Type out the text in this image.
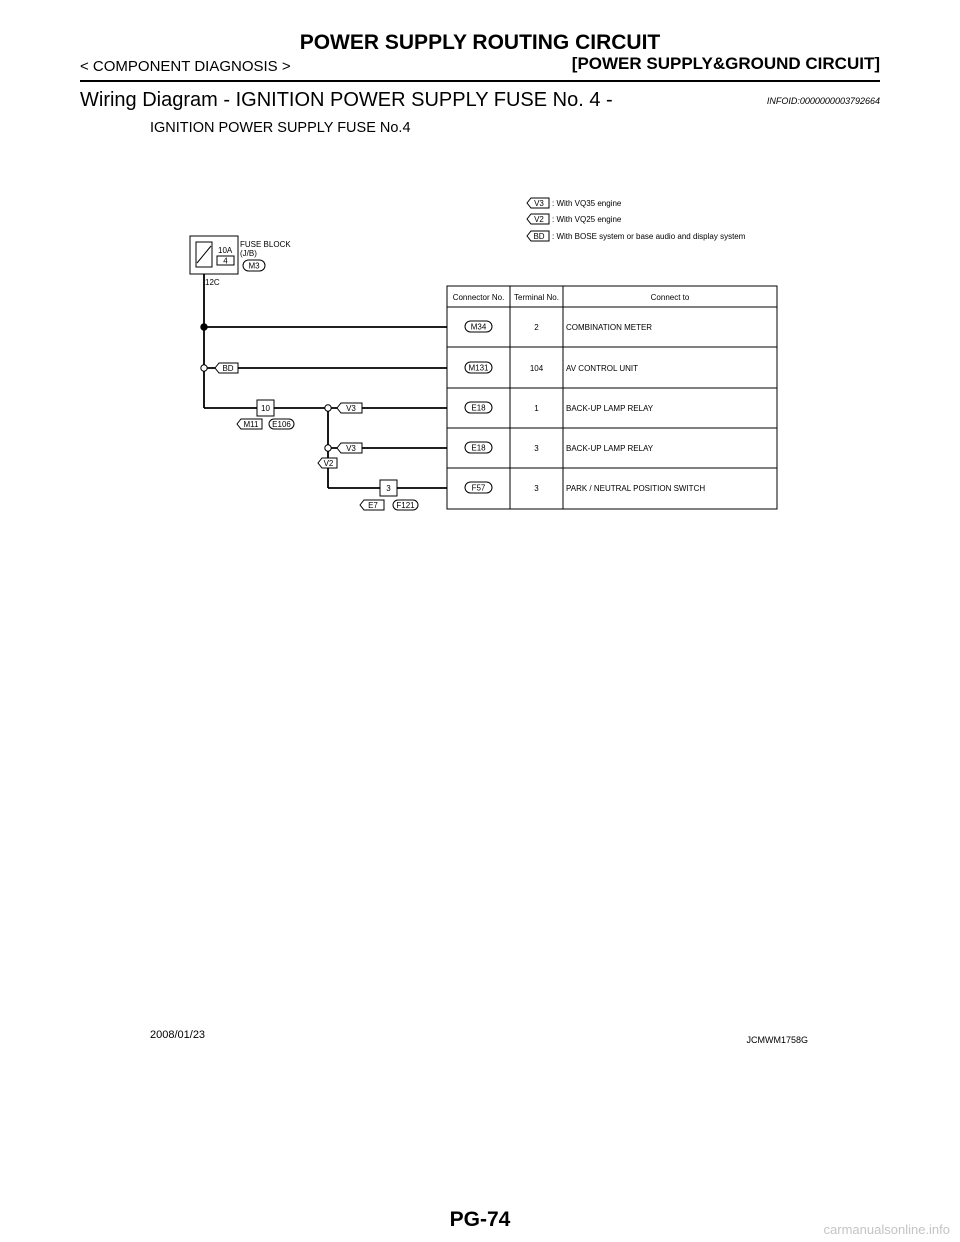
POWER SUPPLY ROUTING CIRCUIT
< COMPONENT DIAGNOSIS >	[POWER SUPPLY&GROUND CIRCUIT]
Wiring Diagram - IGNITION POWER SUPPLY FUSE No. 4 -	INFOID:0000000003792664
IGNITION POWER SUPPLY FUSE No.4
V3 : With VQ35 engine
V2 : With VQ25 engine
BD : With BOSE system or base audio and display system
10A
4
FUSE BLOCK
(J/B)
M3
12C
BD
V3
V3
V2
10
M11 E106
3
E7 F121
Connector No. Terminal No.	Connect to
M34	2	COMBINATION METER
M131	104	AV CONTROL UNIT
E18	1	BACK-UP LAMP RELAY
E18	3	BACK-UP LAMP RELAY
F57	3	PARK / NEUTRAL POSITION SWITCH
2008/01/23	JCMWM1758G
PG-74	carmanualsonline.info
